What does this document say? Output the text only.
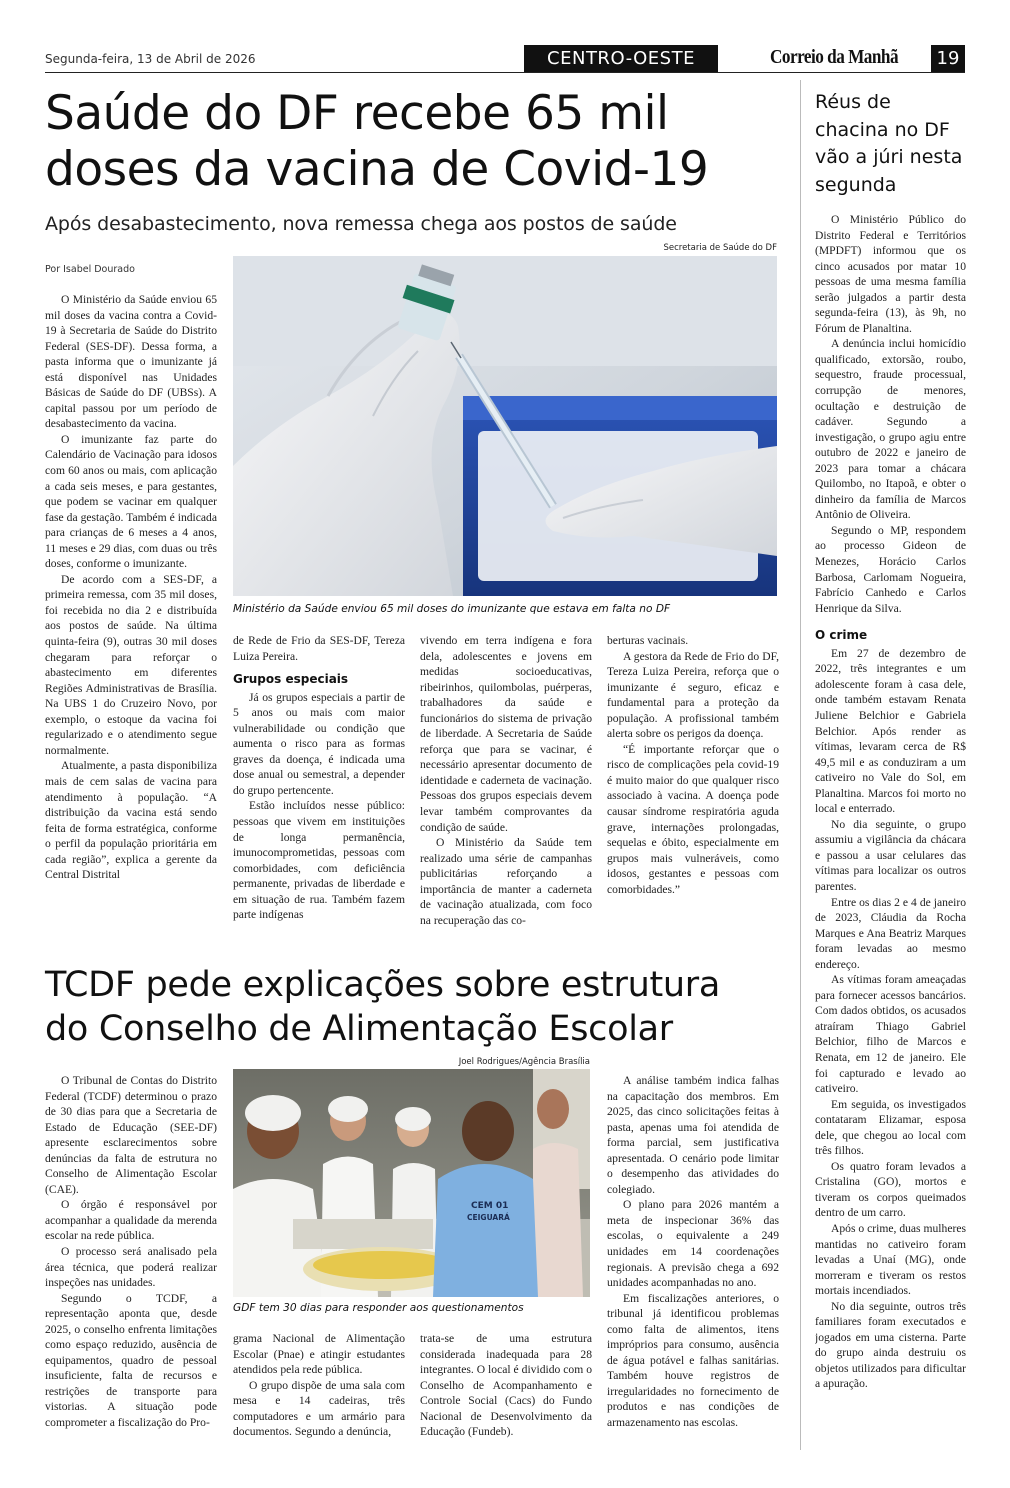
Segunda-feira, 13 de Abril de 2026	CENTRO-OESTE	Correio da Manhã	19
Saúde do DF recebe 65 mil
doses da vacina de Covid-19
Após desabastecimento, nova remessa chega aos postos de saúde
Por Isabel Dourado
Secretaria de Saúde do DF
Ministério da Saúde enviou 65 mil doses do imunizante que estava em falta no DF

O Ministério da Saúde enviou 65 mil doses da vacina contra a Covid-19 à Secretaria de Saúde do Distrito Federal (SES-DF). Dessa forma, a pasta informa que o imunizante já está disponível nas Unidades Básicas de Saúde do DF (UBSs). A capital passou por um período de desabastecimento da vacina.

O imunizante faz parte do Calendário de Vacinação para idosos com 60 anos ou mais, com aplicação a cada seis meses, e para gestantes, que podem se vacinar em qualquer fase da gestação. Também é indicada para crianças de 6 meses a 4 anos, 11 meses e 29 dias, com duas ou três doses, conforme o imunizante.

De acordo com a SES-DF, a primeira remessa, com 35 mil doses, foi recebida no dia 2 e distribuída aos postos de saúde. Na última quinta-feira (9), outras 30 mil doses chegaram para reforçar o abastecimento em diferentes Regiões Administrativas de Brasília. Na UBS 1 do Cruzeiro Novo, por exemplo, o estoque da vacina foi regularizado e o atendimento segue normalmente.

Atualmente, a pasta disponibiliza mais de cem salas de vacina para atendimento à população. “A distribuição da vacina está sendo feita de forma estratégica, conforme o perfil da população prioritária em cada região”, explica a gerente da Central Distrital

de Rede de Frio da SES-DF, Tereza Luiza Pereira.

Grupos especiais

Já os grupos especiais a partir de 5 anos ou mais com maior vulnerabilidade ou condição que aumenta o risco para as formas graves da doença, é indicada uma dose anual ou semestral, a depender do grupo pertencente.

Estão incluídos nesse público: pessoas que vivem em instituições de longa permanência, imunocomprometidas, pessoas com comorbidades, com deficiência permanente, privadas de liberdade e em situação de rua. Também fazem parte indígenas

vivendo em terra indígena e fora dela, adolescentes e jovens em medidas socioeducativas, ribeirinhos, quilombolas, puérperas, trabalhadores da saúde e funcionários do sistema de privação de liberdade. A Secretaria de Saúde reforça que para se vacinar, é necessário apresentar documento de identidade e caderneta de vacinação. Pessoas dos grupos especiais devem levar também comprovantes da condição de saúde.

O Ministério da Saúde tem realizado uma série de campanhas publicitárias reforçando a importância de manter a caderneta de vacinação atualizada, com foco na recuperação das co-

berturas vacinais.

A gestora da Rede de Frio do DF, Tereza Luiza Pereira, reforça que o imunizante é seguro, eficaz e fundamental para a proteção da população. A profissional também alerta sobre os perigos da doença.

“É importante reforçar que o risco de complicações pela covid-19 é muito maior do que qualquer risco associado à vacina. A doença pode causar síndrome respiratória aguda grave, internações prolongadas, sequelas e óbito, especialmente em grupos mais vulneráveis, como idosos, gestantes e pessoas com comorbidades.”

TCDF pede explicações sobre estrutura
do Conselho de Alimentação Escolar
Joel Rodrigues/Agência Brasília
CEM 01
CEIGUARÁ
GDF tem 30 dias para responder aos questionamentos

O Tribunal de Contas do Distrito Federal (TCDF) determinou o prazo de 30 dias para que a Secretaria de Estado de Educação (SEE-DF) apresente esclarecimentos sobre denúncias da falta de estrutura no Conselho de Alimentação Escolar (CAE).

O órgão é responsável por acompanhar a qualidade da merenda escolar na rede pública.

O processo será analisado pela área técnica, que poderá realizar inspeções nas unidades.

Segundo o TCDF, a representação aponta que, desde 2025, o conselho enfrenta limitações como espaço reduzido, ausência de equipamentos, quadro de pessoal insuficiente, falta de recursos e restrições de transporte para vistorias. A situação pode comprometer a fiscalização do Pro-

grama Nacional de Alimentação Escolar (Pnae) e atingir estudantes atendidos pela rede pública.

O grupo dispõe de uma sala com mesa e 14 cadeiras, três computadores e um armário para documentos. Segundo a denúncia,

trata-se de uma estrutura considerada inadequada para 28 integrantes. O local é dividido com o Conselho de Acompanhamento e Controle Social (Cacs) do Fundo Nacional de Desenvolvimento da Educação (Fundeb).

A análise também indica falhas na capacitação dos membros. Em 2025, das cinco solicitações feitas à pasta, apenas uma foi atendida de forma parcial, sem justificativa apresentada. O cenário pode limitar o desempenho das atividades do colegiado.

O plano para 2026 mantém a meta de inspecionar 36% das escolas, o equivalente a 249 unidades em 14 coordenações regionais. A previsão chega a 692 unidades acompanhadas no ano.

Em fiscalizações anteriores, o tribunal já identificou problemas como falta de alimentos, itens impróprios para consumo, ausência de água potável e falhas sanitárias. Também houve registros de irregularidades no fornecimento de produtos e nas condições de armazenamento nas escolas.

Réus de chacina no DF vão a júri nesta segunda

O Ministério Público do Distrito Federal e Territórios (MPDFT) informou que os cinco acusados por matar 10 pessoas de uma mesma família serão julgados a partir desta segunda-feira (13), às 9h, no Fórum de Planaltina.

A denúncia inclui homicídio qualificado, extorsão, roubo, sequestro, fraude processual, corrupção de menores, ocultação e destruição de cadáver. Segundo a investigação, o grupo agiu entre outubro de 2022 e janeiro de 2023 para tomar a chácara Quilombo, no Itapoã, e obter o dinheiro da família de Marcos Antônio de Oliveira.

Segundo o MP, respondem ao processo Gideon de Menezes, Horácio Carlos Barbosa, Carlomam Nogueira, Fabrício Canhedo e Carlos Henrique da Silva.

O crime

Em 27 de dezembro de 2022, três integrantes e um adolescente foram à casa dele, onde também estavam Renata Juliene Belchior e Gabriela Belchior. Após render as vítimas, levaram cerca de R$ 49,5 mil e as conduziram a um cativeiro no Vale do Sol, em Planaltina. Marcos foi morto no local e enterrado.

No dia seguinte, o grupo assumiu a vigilância da chácara e passou a usar celulares das vítimas para localizar os outros parentes.

Entre os dias 2 e 4 de janeiro de 2023, Cláudia da Rocha Marques e Ana Beatriz Marques foram levadas ao mesmo endereço.

As vítimas foram ameaçadas para fornecer acessos bancários. Com dados obtidos, os acusados atraíram Thiago Gabriel Belchior, filho de Marcos e Renata, em 12 de janeiro. Ele foi capturado e levado ao cativeiro.

Em seguida, os investigados contataram Elizamar, esposa dele, que chegou ao local com três filhos.

Os quatro foram levados a Cristalina (GO), mortos e tiveram os corpos queimados dentro de um carro.

Após o crime, duas mulheres mantidas no cativeiro foram levadas a Unaí (MG), onde morreram e tiveram os restos mortais incendiados.

No dia seguinte, outros três familiares foram executados e jogados em uma cisterna. Parte do grupo ainda destruiu os objetos utilizados para dificultar a apuração.
